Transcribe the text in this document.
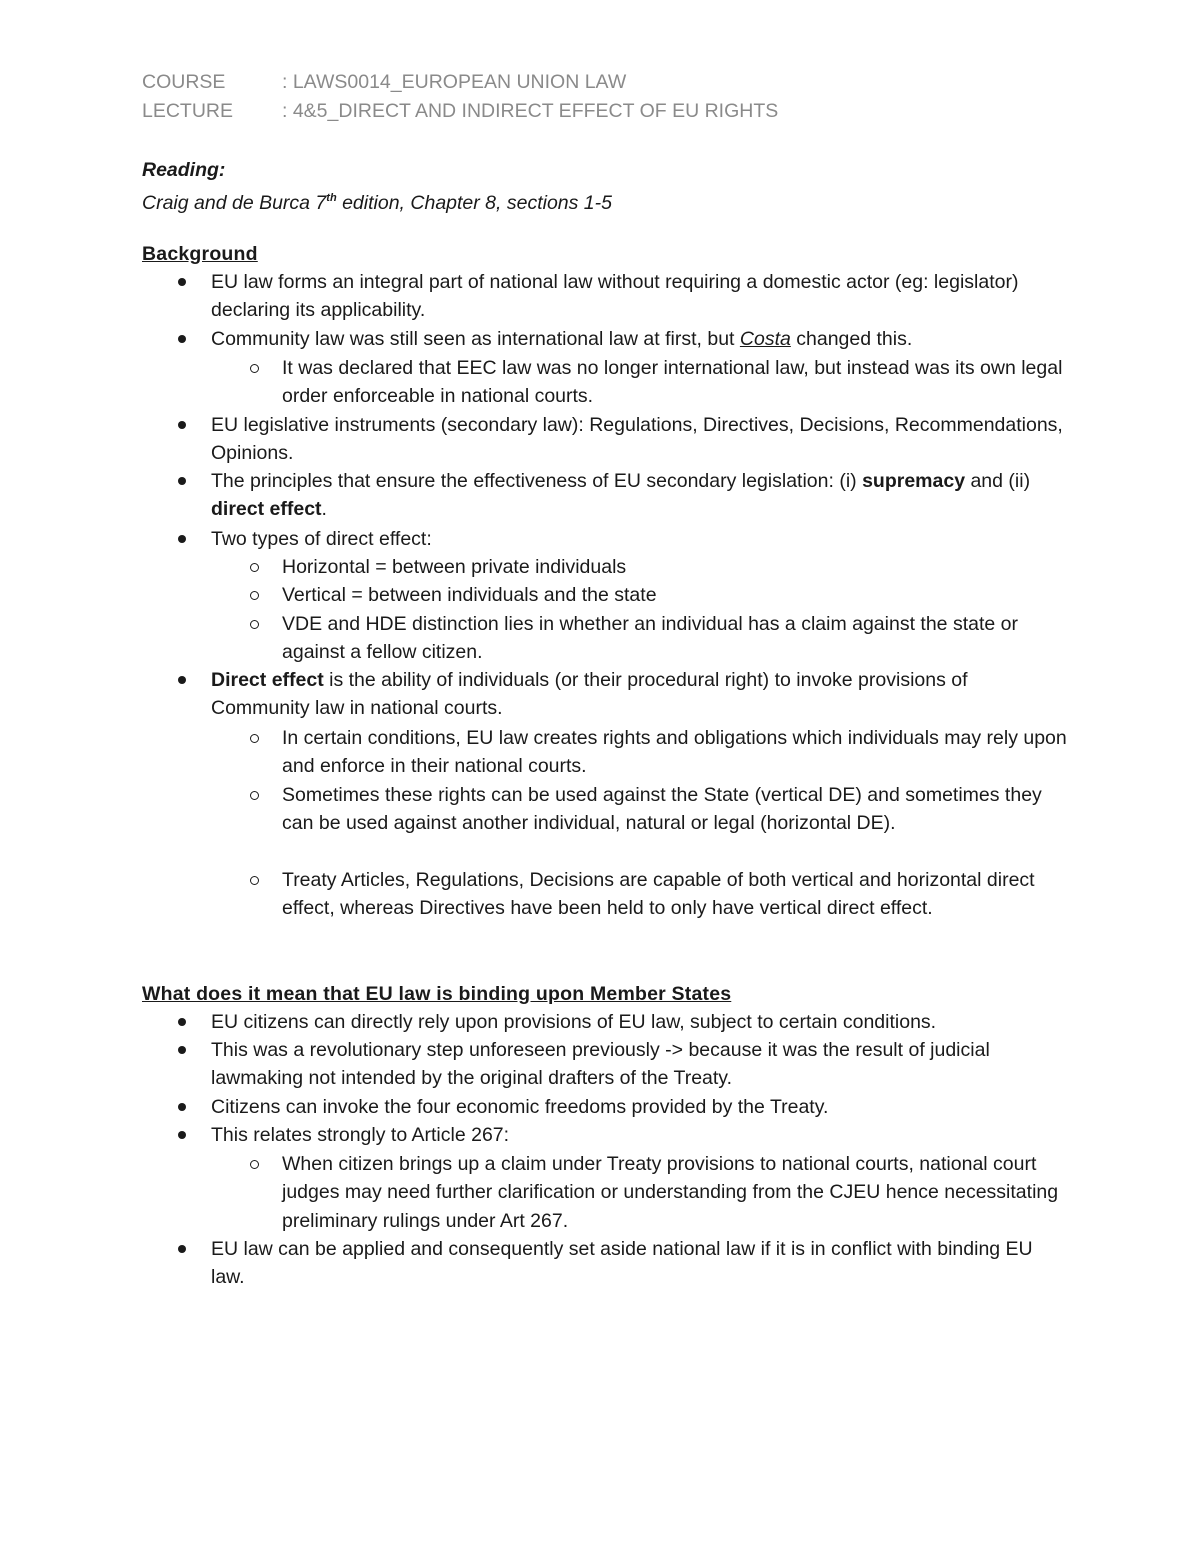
COURSE	: LAWS0014_EUROPEAN UNION LAW
LECTURE	: 4&5_DIRECT AND INDIRECT EFFECT OF EU RIGHTS
Reading:
Craig and de Burca 7th edition, Chapter 8, sections 1-5
Background
EU law forms an integral part of national law without requiring a domestic actor (eg: legislator) declaring its applicability.
Community law was still seen as international law at first, but Costa changed this.
It was declared that EEC law was no longer international law, but instead was its own legal order enforceable in national courts.
EU legislative instruments (secondary law): Regulations, Directives, Decisions, Recommendations, Opinions.
The principles that ensure the effectiveness of EU secondary legislation: (i) supremacy and (ii) direct effect.
Two types of direct effect:
Horizontal = between private individuals
Vertical = between individuals and the state
VDE and HDE distinction lies in whether an individual has a claim against the state or against a fellow citizen.
Direct effect is the ability of individuals (or their procedural right) to invoke provisions of Community law in national courts.
In certain conditions, EU law creates rights and obligations which individuals may rely upon and enforce in their national courts.
Sometimes these rights can be used against the State (vertical DE) and sometimes they can be used against another individual, natural or legal (horizontal DE).
Treaty Articles, Regulations, Decisions are capable of both vertical and horizontal direct effect, whereas Directives have been held to only have vertical direct effect.
What does it mean that EU law is binding upon Member States
EU citizens can directly rely upon provisions of EU law, subject to certain conditions.
This was a revolutionary step unforeseen previously -> because it was the result of judicial lawmaking not intended by the original drafters of the Treaty.
Citizens can invoke the four economic freedoms provided by the Treaty.
This relates strongly to Article 267:
When citizen brings up a claim under Treaty provisions to national courts, national court judges may need further clarification or understanding from the CJEU hence necessitating preliminary rulings under Art 267.
EU law can be applied and consequently set aside national law if it is in conflict with binding EU law.
